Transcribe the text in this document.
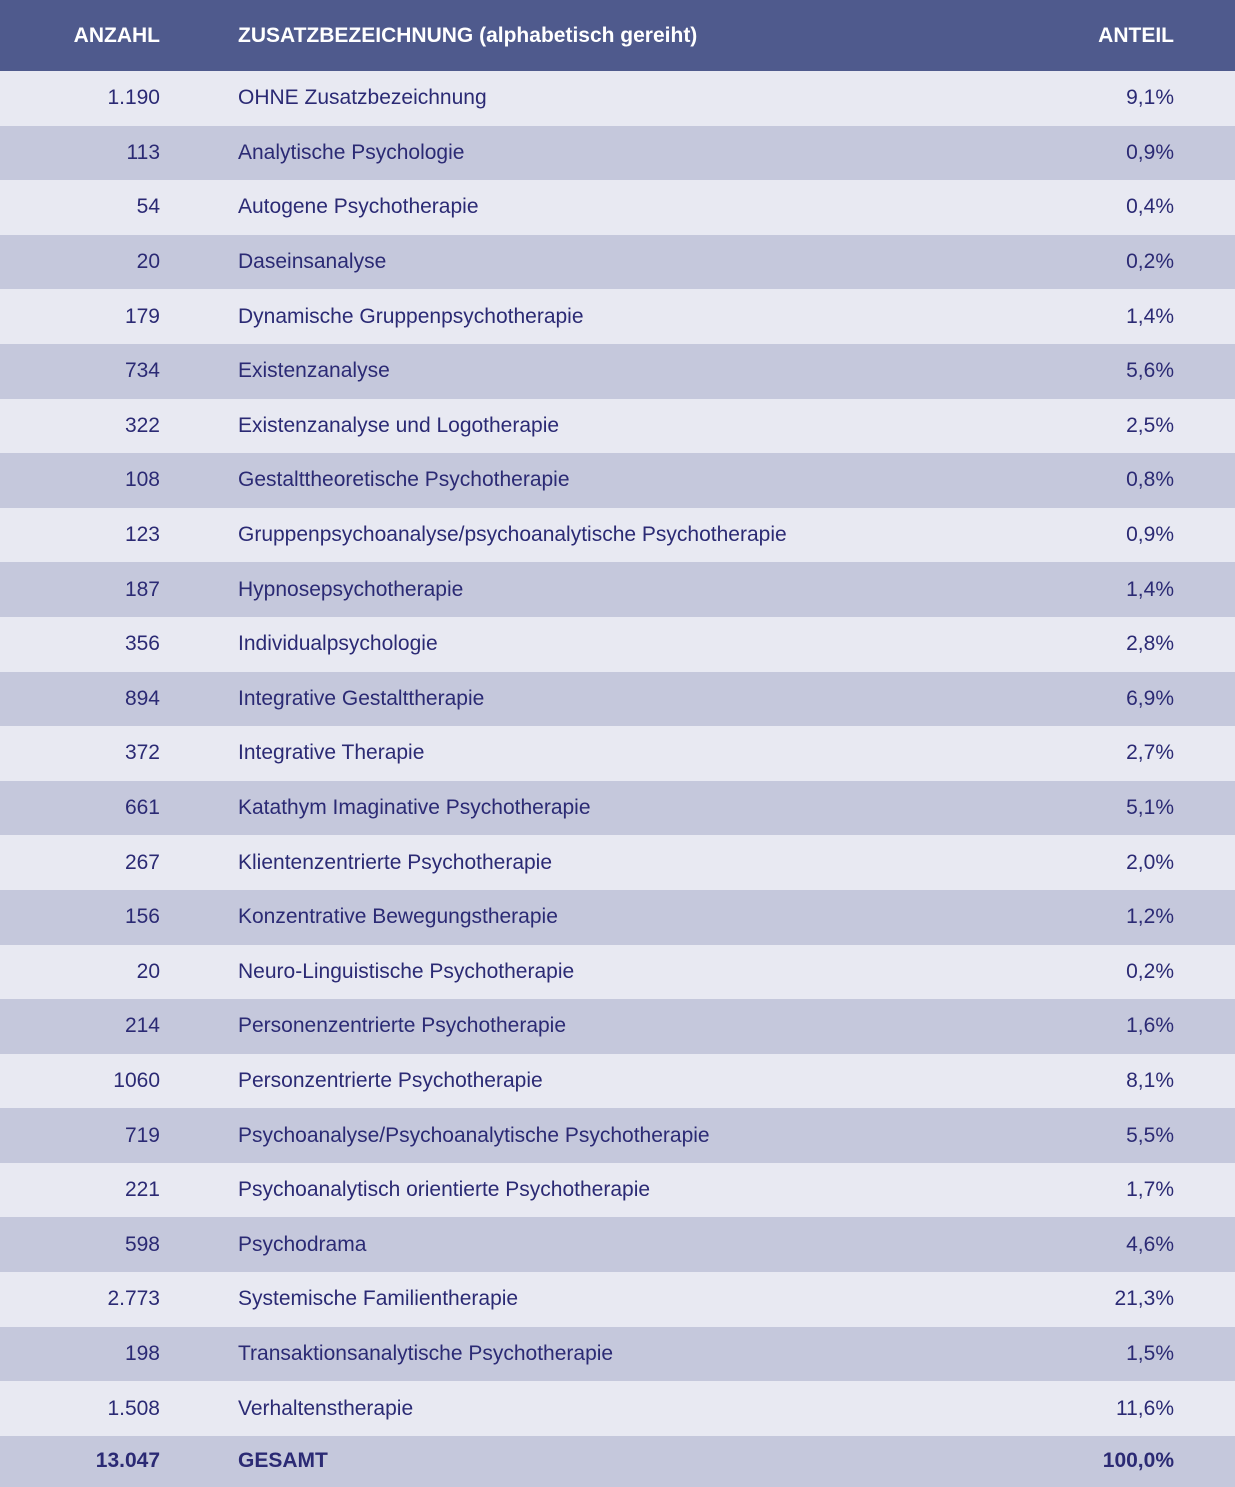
ANZAHL	ZUSATZBEZEICHNUNG (alphabetisch gereiht)	ANTEIL
1.190	OHNE Zusatzbezeichnung	9,1%
113	Analytische Psychologie	0,9%
54	Autogene Psychotherapie	0,4%
20	Daseinsanalyse	0,2%
179	Dynamische Gruppenpsychotherapie	1,4%
734	Existenzanalyse	5,6%
322	Existenzanalyse und Logotherapie	2,5%
108	Gestalttheoretische Psychotherapie	0,8%
123	Gruppenpsychoanalyse/psychoanalytische Psychotherapie	0,9%
187	Hypnosepsychotherapie	1,4%
356	Individualpsychologie	2,8%
894	Integrative Gestalttherapie	6,9%
372	Integrative Therapie	2,7%
661	Katathym Imaginative Psychotherapie	5,1%
267	Klientenzentrierte Psychotherapie	2,0%
156	Konzentrative Bewegungstherapie	1,2%
20	Neuro-Linguistische Psychotherapie	0,2%
214	Personenzentrierte Psychotherapie	1,6%
1060	Personzentrierte Psychotherapie	8,1%
719	Psychoanalyse/Psychoanalytische Psychotherapie	5,5%
221	Psychoanalytisch orientierte Psychotherapie	1,7%
598	Psychodrama	4,6%
2.773	Systemische Familientherapie	21,3%
198	Transaktionsanalytische Psychotherapie	1,5%
1.508	Verhaltenstherapie	11,6%
13.047	GESAMT	100,0%
